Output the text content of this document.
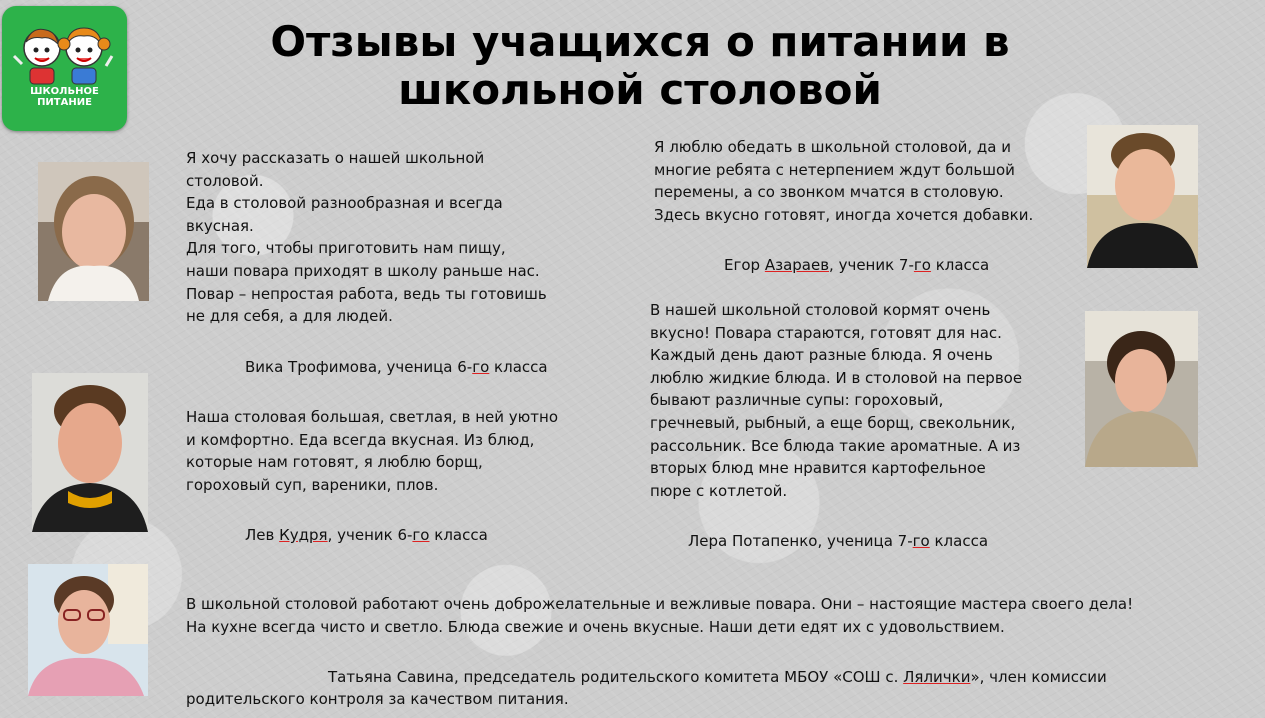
ШКОЛЬНОЕ
ПИТАНИЕ
Отзывы учащихся о питании в
школьной столовой

Я хочу рассказать о нашей школьной
столовой.
Еда в столовой разнообразная и всегда
вкусная.
Для того, чтобы приготовить нам пищу,
наши повара приходят в школу раньше нас.
Повар – непростая работа, ведь ты готовишь
не для себя, а для людей.

Вика Трофимова, ученица 6-го класса

Наша столовая большая, светлая, в ней уютно
и комфортно. Еда всегда вкусная. Из блюд,
которые нам готовят, я люблю борщ,
гороховый суп, вареники, плов.

Лев Кудря, ученик 6-го класса

Я люблю обедать в школьной столовой, да и
многие ребята с нетерпением ждут большой
перемены, а со звонком мчатся в столовую.
Здесь вкусно готовят, иногда хочется добавки.

Егор Азараев, ученик 7-го класса

В нашей школьной столовой кормят очень
вкусно! Повара стараются, готовят для нас.
Каждый день дают разные блюда. Я очень
люблю жидкие блюда. И в столовой на первое
бывают различные супы: гороховый,
гречневый, рыбный, а еще борщ, свекольник,
рассольник. Все блюда такие ароматные. А из
вторых блюд мне нравится картофельное
пюре с котлетой.

Лера Потапенко, ученица 7-го класса

В школьной столовой работают очень доброжелательные и вежливые повара. Они – настоящие мастера своего дела!
На кухне всегда чисто и светло. Блюда свежие и очень вкусные. Наши дети едят их с удовольствием.

Татьяна Савина, председатель родительского комитета МБОУ «СОШ с. Лялички», член комиссии
родительского контроля за качеством питания.
